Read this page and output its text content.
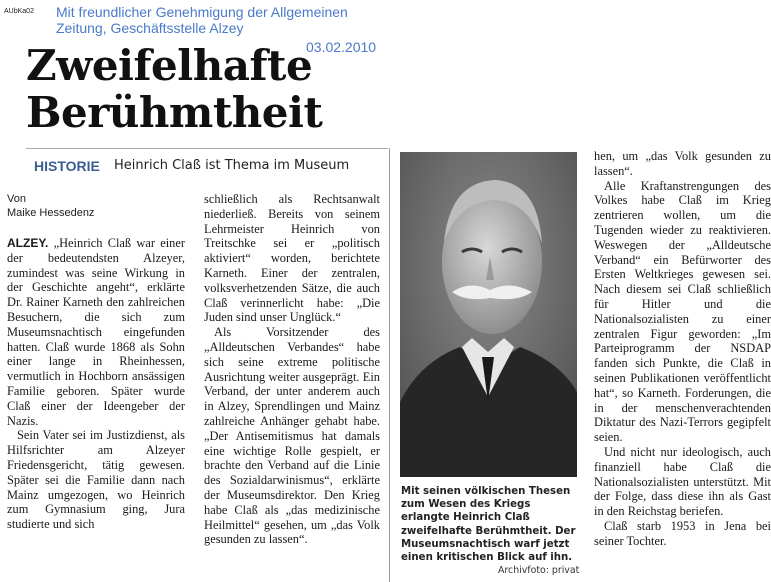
AUbKa02 Mit freundlicher Genehmigung der Allgemeinen Zeitung, Geschäftsstelle Alzey
03.02.2010
Zweifelhafte
Berühmtheit
HISTORIE Heinrich Claß ist Thema im Museum
Von
Maike Hessedenz

ALZEY. „Heinrich Claß war einer der bedeutendsten Alzeyer, zumindest was seine Wirkung in der Geschichte angeht“, erklärte Dr. Rainer Karneth den zahlreichen Besuchern, die sich zum Museumsnachtisch eingefunden hatten. Claß wurde 1868 als Sohn einer lange in Rheinhessen, vermutlich in Hochborn ansässigen Familie geboren. Später wurde Claß einer der Ideengeber der Nazis.

Sein Vater sei im Justizdienst, als Hilfsrichter am Alzeyer Friedensgericht, tätig gewesen. Später sei die Familie dann nach Mainz umgezogen, wo Heinrich zum Gymnasium ging, Jura studierte und sich

schließlich als Rechtsanwalt niederließ. Bereits von seinem Lehrmeister Heinrich von Treitschke sei er „politisch aktiviert“ worden, berichtete Karneth. Einer der zentralen, volksverhetzenden Sätze, die auch Claß verinnerlicht habe: „Die Juden sind unser Unglück.“

Als Vorsitzender des „Alldeutschen Verbandes“ habe sich seine extreme politische Ausrichtung weiter ausgeprägt. Ein Verband, der unter anderem auch in Alzey, Sprendlingen und Mainz zahlreiche Anhänger gehabt habe. „Der Antisemitismus hat damals eine wichtige Rolle gespielt, er brachte den Verband auf die Linie des Sozialdarwinismus“, erklärte der Museumsdirektor. Den Krieg habe Claß als „das medizinische Heilmittel“ gesehen, um „das Volk gesunden zu lassen“.

Mit seinen völkischen Thesen zum Wesen des Kriegs erlangte Heinrich Claß zweifelhafte Berühmtheit. Der Museumsnachtisch warf jetzt einen kritischen Blick auf ihn.
Archivfoto: privat

hen, um „das Volk gesunden zu lassen“.

Alle Kraftanstrengungen des Volkes habe Claß im Krieg zentrieren wollen, um die Tugenden wieder zu reaktivieren. Weswegen der „Alldeutsche Verband“ ein Befürworter des Ersten Weltkrieges gewesen sei. Nach diesem sei Claß schließlich für Hitler und die Nationalsozialisten zu einer zentralen Figur geworden: „Im Parteiprogramm der NSDAP fanden sich Punkte, die Claß in seinen Publikationen veröffentlicht hat“, so Karneth. Forderungen, die in der menschenverachtenden Diktatur des Nazi-Terrors gegipfelt seien.

Und nicht nur ideologisch, auch finanziell habe Claß die Nationalsozialisten unterstützt. Mit der Folge, dass diese ihn als Gast in den Reichstag beriefen.

Claß starb 1953 in Jena bei seiner Tochter.
